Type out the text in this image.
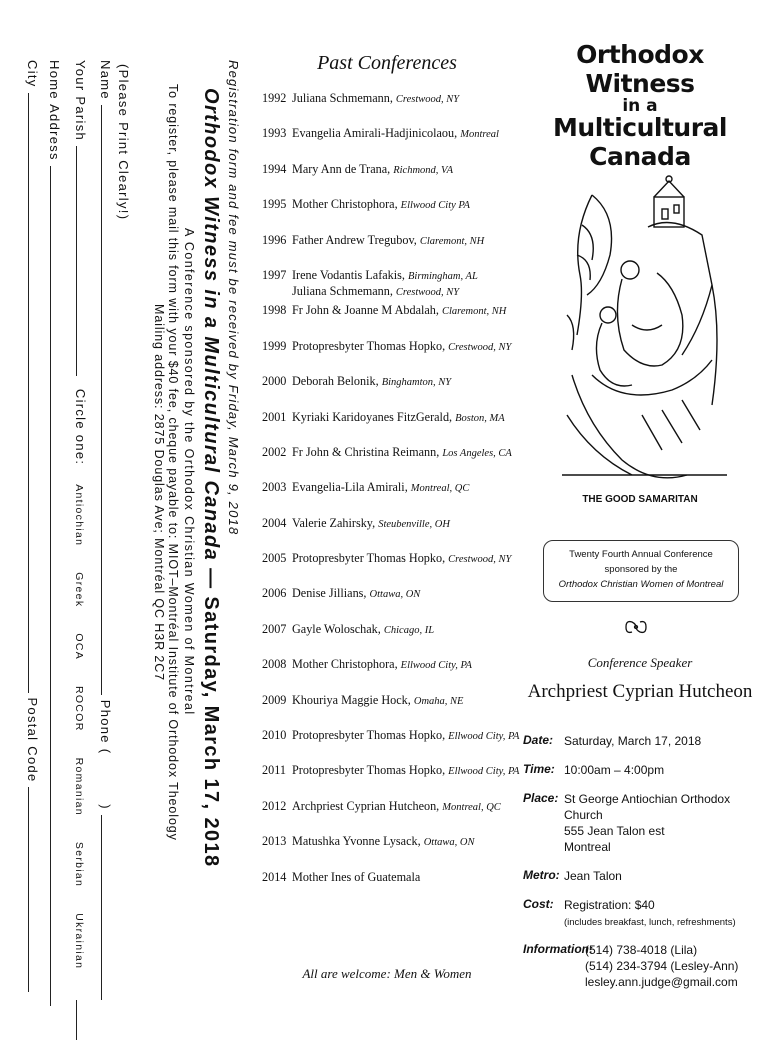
Registration form and fee must be received by Friday, March 9, 2018
Orthodox Witness in a Multicultural Canada — Saturday, March 17, 2018
A Conference sponsored by the Orthodox Christian Women of Montreal
To register, please mail this form with your $40 fee, cheque payable to: MIOT–Montréal Institute of Orthodox Theology
Mailing address: 2875 Douglas Ave; Montréal QC H3R 2C7
(Please Print Clearly!)
Name  Phone (  )
Your Parish  Circle one: AntiochianGreekOCAROCORRomanianSerbianUkrainian
Home Address
City  Postal Code
Past Conferences
1992 Juliana Schmemann, Crestwood, NY
1993 Evangelia Amirali-Hadjinicolaou, Montreal
1994 Mary Ann de Trana, Richmond, VA
1995 Mother Christophora, Ellwood City PA
1996 Father Andrew Tregubov, Claremont, NH
1997 Irene Vodantis Lafakis, Birmingham, AL
Juliana Schmemann, Crestwood, NY
1998 Fr John & Joanne M Abdalah, Claremont, NH
1999 Protopresbyter Thomas Hopko, Crestwood, NY
2000 Deborah Belonik, Binghamton, NY
2001 Kyriaki Karidoyanes FitzGerald, Boston, MA
2002 Fr John & Christina Reimann, Los Angeles, CA
2003 Evangelia-Lila Amirali, Montreal, QC
2004 Valerie Zahirsky, Steubenville, OH
2005 Protopresbyter Thomas Hopko, Crestwood, NY
2006 Denise Jillians, Ottawa, ON
2007 Gayle Woloschak, Chicago, IL
2008 Mother Christophora, Ellwood City, PA
2009 Khouriya Maggie Hock, Omaha, NE
2010 Protopresbyter Thomas Hopko, Ellwood City, PA
2011 Protopresbyter Thomas Hopko, Ellwood City, PA
2012 Archpriest Cyprian Hutcheon, Montreal, QC
2013 Matushka Yvonne Lysack, Ottawa, ON
2014 Mother Ines of Guatemala
All are welcome: Men & Women
Orthodox Witness
in a
Multicultural Canada
THE GOOD SAMARITAN
Twenty Fourth Annual Conference
sponsored by the
Orthodox Christian Women of Montreal
Conference Speaker
Archpriest Cyprian Hutcheon
Date: Saturday, March 17, 2018
Time: 10:00am – 4:00pm
Place: St George Antiochian Orthodox Church
555 Jean Talon est
Montreal
Metro: Jean Talon
Cost: Registration: $40
(includes breakfast, lunch, refreshments)
Information:
(514) 738-4018 (Lila)
(514) 234-3794 (Lesley-Ann)
lesley.ann.judge@gmail.com
